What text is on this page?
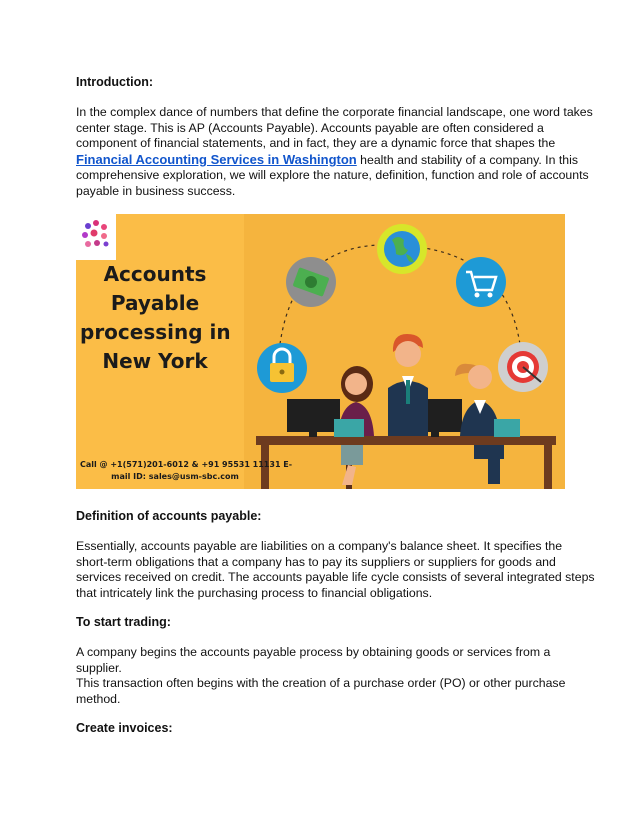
Introduction:

In the complex dance of numbers that define the corporate financial landscape, one word takes
center stage. This is AP (Accounts Payable). Accounts payable are often considered a
component of financial statements, and in fact, they are a dynamic force that shapes the
Financial Accounting Services in Washington health and stability of a company. In this
comprehensive exploration, we will explore the nature, definition, function and role of accounts
payable in business success.
Accounts
Payable
processing in
New York
Call @ +1(571)201-6012 & +91 95531 11131 E-
mail ID: sales@usm-sbc.com

Definition of accounts payable:

Essentially, accounts payable are liabilities on a company's balance sheet. It specifies the
short-term obligations that a company has to pay its suppliers or suppliers for goods and
services received on credit. The accounts payable life cycle consists of several integrated steps
that intricately link the purchasing process to financial obligations.

To start trading:

A company begins the accounts payable process by obtaining goods or services from a
supplier.
This transaction often begins with the creation of a purchase order (PO) or other purchase
method.

Create invoices:
